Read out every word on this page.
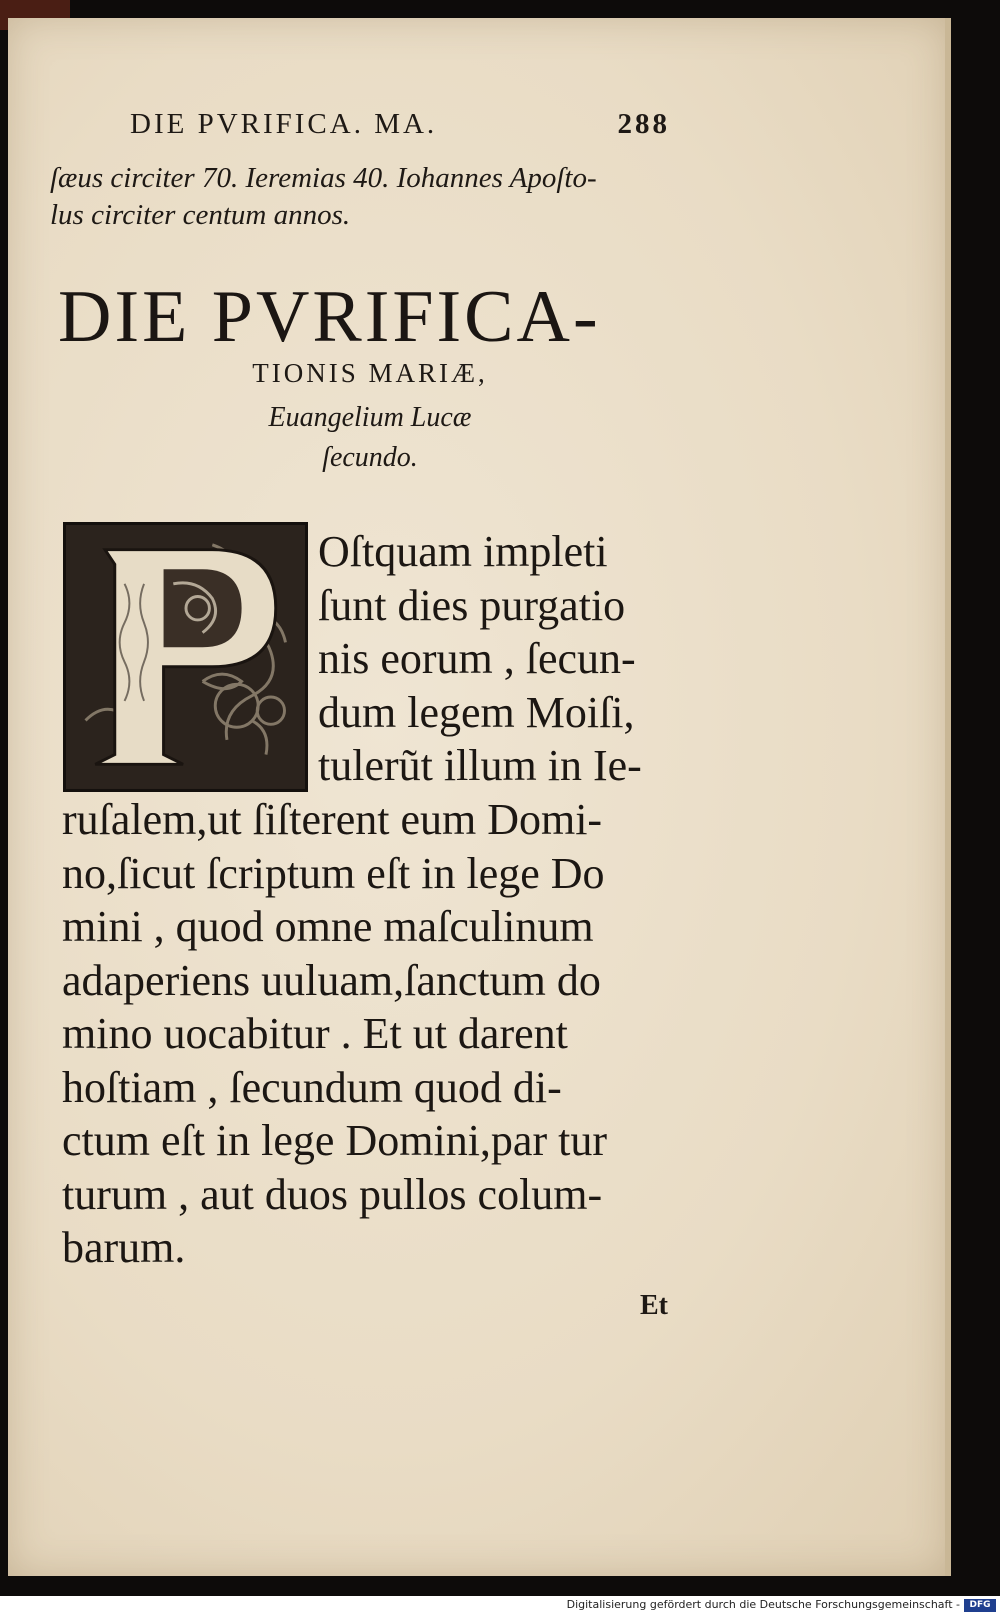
DIE PVRIFICA. MA.	288
ſæus circiter 70. Ieremias 40. Iohannes Apoſto-
lus circiter centum annos.
DIE PVRIFICA-
TIONIS MARIÆ,
Euangelium Lucæ
ſecundo.
Oſtquam impleti
ſunt dies purgatio
nis eorum , ſecun-
dum legem Moiſi,
tulerũt illum in Ie-
ruſalem,ut ſiſterent eum Domi-
no,ſicut ſcriptum eſt in lege Do
mini , quod omne maſculinum
adaperiens uuluam,ſanctum do
mino uocabitur . Et ut darent
hoſtiam , ſecundum quod di-
ctum eſt in lege Domini,par tur
turum , aut duos pullos colum-
barum.
Et
Digitalisierung gefördert durch die Deutsche Forschungsgemeinschaft -	DFG
